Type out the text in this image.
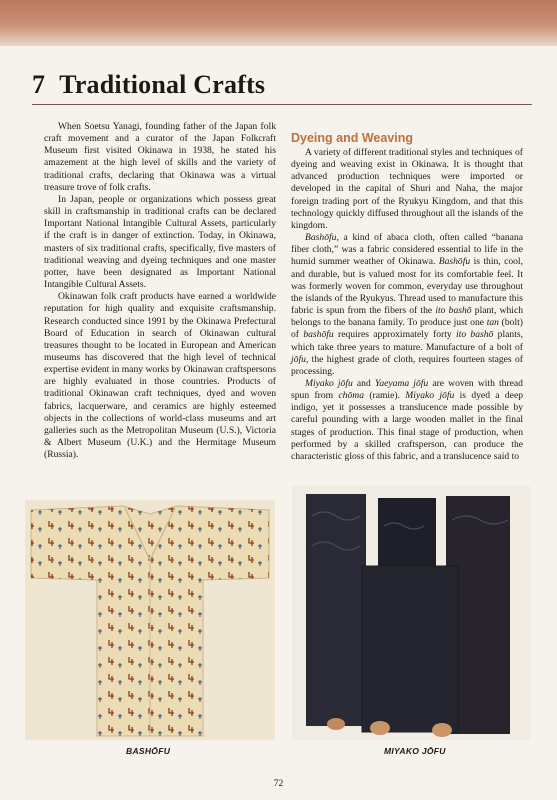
7 Traditional Crafts

When Soetsu Yanagi, founding father of the Japan folk craft movement and a curator of the Japan Folkcraft Museum first visited Okinawa in 1938, he stated his amazement at the high level of skills and the variety of traditional crafts, declaring that Okinawa was a virtual treasure trove of folk crafts.

In Japan, people or organizations which possess great skill in craftsmanship in traditional crafts can be declared Important National Intangible Cultural Assets, particularly if the craft is in danger of extinction. Today, in Okinawa, masters of six traditional crafts, specifically, five masters of traditional weaving and dyeing techniques and one master potter, have been designated as Important National Intangible Cultural Assets.

Okinawan folk craft products have earned a worldwide reputation for high quality and exquisite craftsmanship. Research conducted since 1991 by the Okinawa Prefectural Board of Education in search of Okinawan cultural treasures thought to be located in European and American museums has discovered that the high level of technical expertise evident in many works by Okinawan craftspersons are highly evaluated in those countries. Products of traditional Okinawan craft techniques, dyed and woven fabrics, lacquerware, and ceramics are highly esteemed objects in the collections of world-class museums and art galleries such as the Metropolitan Museum (U.S.), Victoria & Albert Museum (U.K.) and the Hermitage Museum (Russia).

Dyeing and Weaving

A variety of different traditional styles and techniques of dyeing and weaving exist in Okinawa. It is thought that advanced production techniques were imported or developed in the capital of Shuri and Naha, the major foreign trading port of the Ryukyu Kingdom, and that this technology quickly diffused throughout all the islands of the kingdom.

Bashōfu, a kind of abaca cloth, often called “banana fiber cloth,” was a fabric considered essential to life in the humid summer weather of Okinawa. Bashōfu is thin, cool, and durable, but is valued most for its comfortable feel. It was formerly woven for common, everyday use throughout the islands of the Ryukyus. Thread used to manufacture this fabric is spun from the fibers of the ito bashō plant, which belongs to the banana family. To produce just one tan (bolt) of bashōfu requires approximately forty ito bashō plants, which take three years to mature. Manufacture of a bolt of jōfu, the highest grade of cloth, requires fourteen stages of processing.

Miyako jōfu and Yaeyama jōfu are woven with thread spun from chōma (ramie). Miyako jōfu is dyed a deep indigo, yet it possesses a translucence made possible by careful pounding with a large wooden mallet in the final stages of production. This final stage of production, when performed by a skilled craftsperson, can produce the characteristic gloss of this fabric, and a translucence said to

BASHŌFU	MIYAKO JŌFU
72
